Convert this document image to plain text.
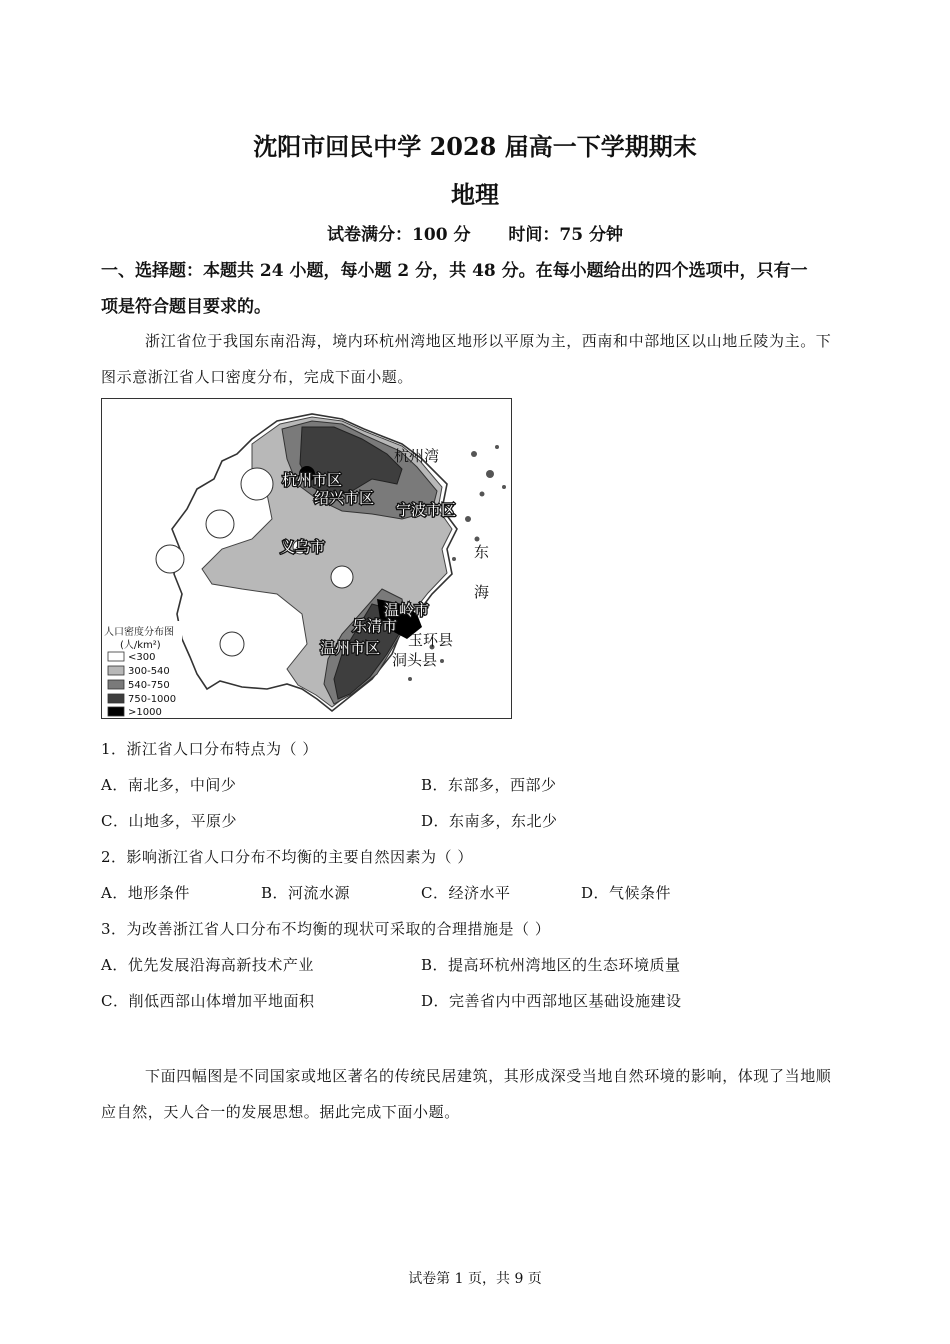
沈阳市回民中学 2028 届高一下学期期末
地理
试卷满分：100 分 时间：75 分钟
一、选择题：本题共 24 小题，每小题 2 分，共 48 分。在每小题给出的四个选项中，只有一
项是符合题目要求的。
浙江省位于我国东南沿海，境内环杭州湾地区地形以平原为主，西南和中部地区以山地丘陵为主。下
图示意浙江省人口密度分布，完成下面小题。
杭州湾
杭州市区
绍兴市区
宁波市区
义乌市	东
海
温岭市
乐清市
玉环县
温州市区
洞头县
人口密度分布图
(人/km²)
<300
300-540
540-750
750-1000
>1000
1．浙江省人口分布特点为（ ）
A．南北多，中间少	B．东部多，西部少
C．山地多，平原少	D．东南多，东北少
2．影响浙江省人口分布不均衡的主要自然因素为（ ）
A．地形条件	B．河流水源	C．经济水平	D．气候条件
3．为改善浙江省人口分布不均衡的现状可采取的合理措施是（ ）
A．优先发展沿海高新技术产业	B．提高环杭州湾地区的生态环境质量
C．削低西部山体增加平地面积	D．完善省内中西部地区基础设施建设
下面四幅图是不同国家或地区著名的传统民居建筑，其形成深受当地自然环境的影响，体现了当地顺
应自然，天人合一的发展思想。据此完成下面小题。
试卷第 1 页，共 9 页
